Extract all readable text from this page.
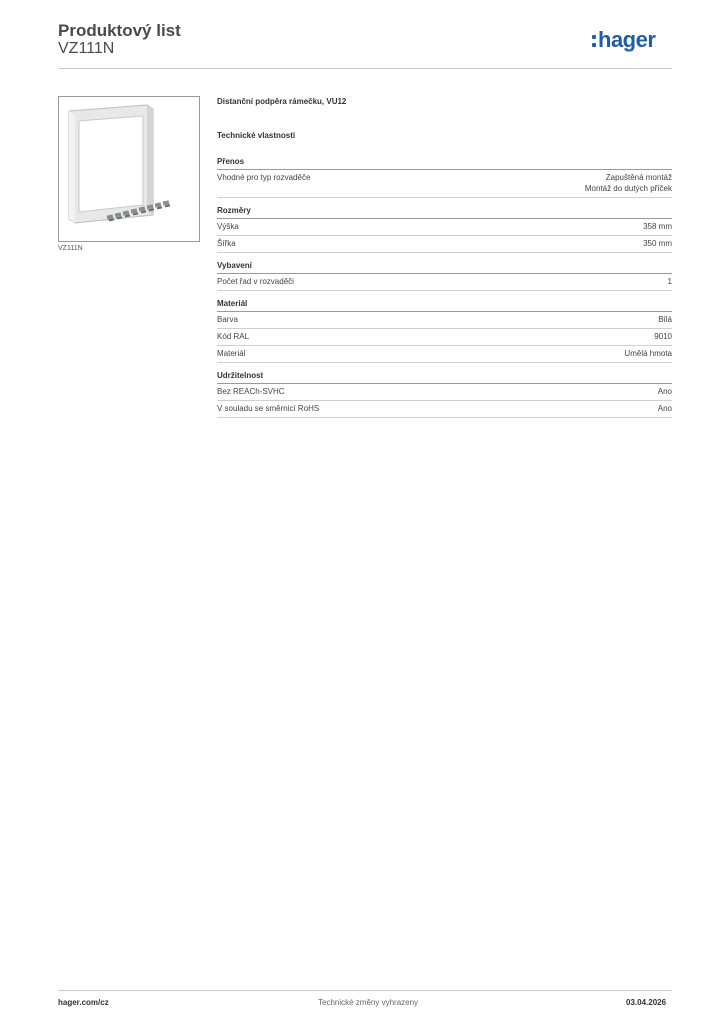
Produktový list
VZ111N	hager
VZ111N
Distanční podpěra rámečku, VU12
Technické vlastnosti
Přenos
Vhodné pro typ rozvaděče	Zapuštěná montáž
Montáž do dutých příček
Rozměry
Výška	358 mm
Šířka	350 mm
Vybavení
Počet řad v rozvaděči	1
Materiál
Barva	Bílá
Kód RAL	9010
Materiál	Umělá hmota
Udržitelnost
Bez REACh-SVHC	Ano
V souladu se směrnicí RoHS	Ano
hager.com/cz	Technické změny vyhrazeny	03.04.2026
